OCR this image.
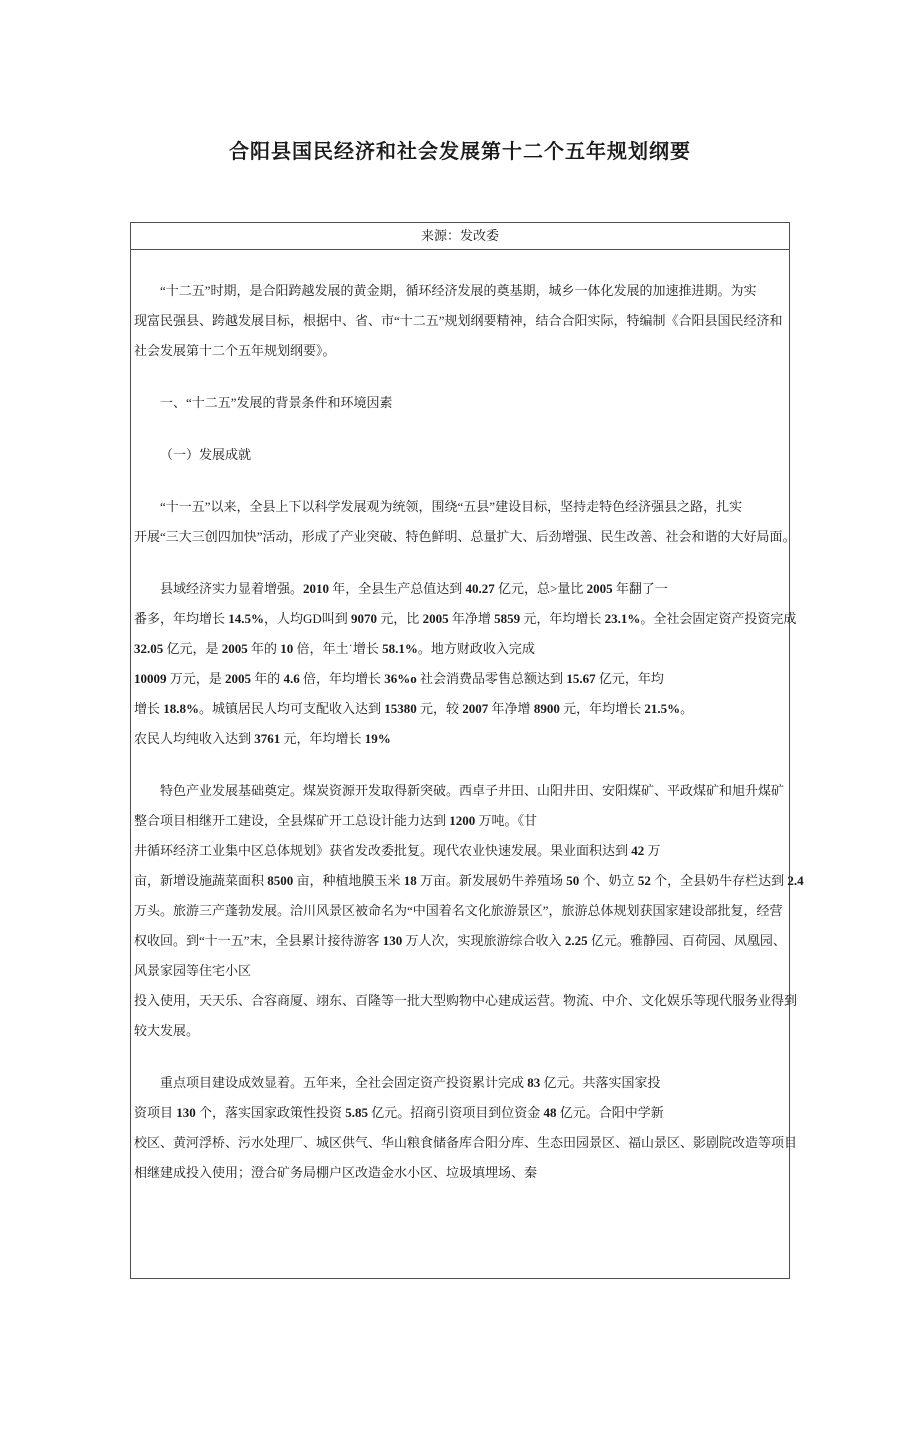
合阳县国民经济和社会发展第十二个五年规划纲要
来源：发改委
“十二五”时期，是合阳跨越发展的黄金期，循环经济发展的奠基期，城乡一体化发展的加速推进期。为实
现富民强县、跨越发展目标，根据中、省、市“十二五”规划纲要精神，结合合阳实际，特编制《合阳县国民经济和
社会发展第十二个五年规划纲要》。
一、“十二五”发展的背景条件和环境因素
（一）发展成就
“十一五”以来，全县上下以科学发展观为统领，围绕“五县”建设目标，坚持走特色经济强县之路，扎实
开展“三大三创四加快”活动，形成了产业突破、特色鲜明、总量扩大、后劲增强、民生改善、社会和谐的大好局面。
县域经济实力显着增强。2010 年，全县生产总值达到 40.27 亿元，总>量比 2005 年翻了一
番多，年均增长 14.5%，人均GD叫到 9070 元，比 2005 年净增 5859 元，年均增长 23.1%。全社会固定资产投资完成
32.05 亿元，是 2005 年的 10 倍，年土˙增长 58.1%。地方财政收入完成
10009 万元，是 2005 年的 4.6 倍，年均增长 36%o 社会消费品零售总额达到 15.67 亿元，年均
增长 18.8%。城镇居民人均可支配收入达到 15380 元，较 2007 年净增 8900 元，年均增长 21.5%。
农民人均纯收入达到 3761 元，年均增长 19%
特色产业发展基础奠定。煤炭资源开发取得新突破。西卓子井田、山阳井田、安阳煤矿、平政煤矿和旭升煤矿
整合项目相继开工建设，全县煤矿开工总设计能力达到 1200 万吨。《甘
井循环经济工业集中区总体规划》获省发改委批复。现代农业快速发展。果业面积达到 42 万
亩，新增设施蔬菜面积 8500 亩，种植地膜玉米 18 万亩。新发展奶牛养殖场 50 个、奶立 52 个，全县奶牛存栏达到 2.4
万头。旅游三产蓬勃发展。洽川风景区被命名为“中国着名文化旅游景区”，旅游总体规划获国家建设部批复，经营
权收回。到“十一五”末，全县累计接待游客 130 万人次，实现旅游综合收入 2.25 亿元。雅静园、百荷园、凤凰园、
风景家园等住宅小区
投入使用，天天乐、合容商厦、翊东、百隆等一批大型购物中心建成运营。物流、中介、文化娱乐等现代服务业得到
较大发展。
重点项目建设成效显着。五年来，全社会固定资产投资累计完成 83 亿元。共落实国家投
资项目 130 个，落实国家政策性投资 5.85 亿元。招商引资项目到位资金 48 亿元。合阳中学新
校区、黄河浮桥、污水处理厂、城区供气、华山粮食储备库合阳分库、生态田园景区、福山景区、影剧院改造等项目
相继建成投入使用；澄合矿务局棚户区改造金水小区、垃圾填埋场、秦
